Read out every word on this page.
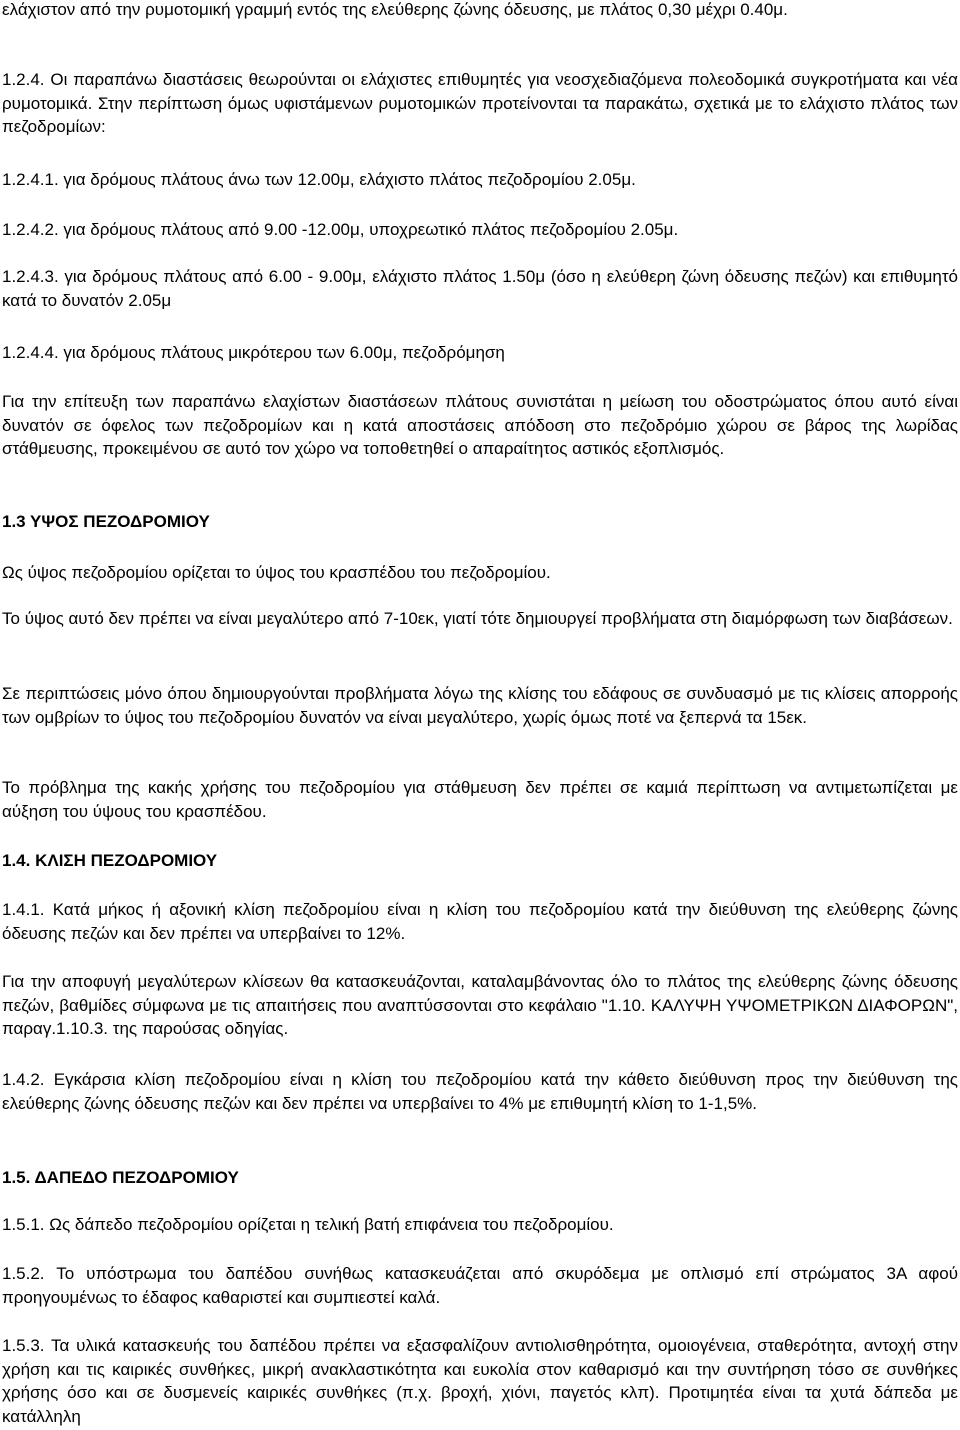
ελάχιστον από την ρυμοτομική γραμμή εντός της ελεύθερης ζώνης όδευσης, με πλάτος 0,30 μέχρι 0.40μ.

1.2.4. Οι παραπάνω διαστάσεις θεωρούνται οι ελάχιστες επιθυμητές για νεοσχεδιαζόμενα πολεοδομικά συγκροτήματα και νέα ρυμοτομικά. Στην περίπτωση όμως υφιστάμενων ρυμοτομικών προτείνονται τα παρακάτω, σχετικά με το ελάχιστο πλάτος των πεζοδρομίων:

1.2.4.1. για δρόμους πλάτους άνω των 12.00μ, ελάχιστο πλάτος πεζοδρομίου 2.05μ.

1.2.4.2. για δρόμους πλάτους από 9.00 -12.00μ, υποχρεωτικό πλάτος πεζοδρομίου 2.05μ.

1.2.4.3. για δρόμους πλάτους από 6.00 - 9.00μ, ελάχιστο πλάτος 1.50μ (όσο η ελεύθερη ζώνη όδευσης πεζών) και επιθυμητό κατά το δυνατόν 2.05μ

1.2.4.4. για δρόμους πλάτους μικρότερου των 6.00μ, πεζοδρόμηση

Για την επίτευξη των παραπάνω ελαχίστων διαστάσεων πλάτους συνιστάται η μείωση του οδοστρώματος όπου αυτό είναι δυνατόν σε όφελος των πεζοδρομίων και η κατά αποστάσεις απόδοση στο πεζοδρόμιο χώρου σε βάρος της λωρίδας στάθμευσης, προκειμένου σε αυτό τον χώρο να τοποθετηθεί ο απαραίτητος αστικός εξοπλισμός.

1.3 ΥΨΟΣ ΠΕΖΟΔΡΟΜΙΟΥ

Ως ύψος πεζοδρομίου ορίζεται το ύψος του κρασπέδου του πεζοδρομίου.

Το ύψος αυτό δεν πρέπει να είναι μεγαλύτερο από 7-10εκ, γιατί τότε δημιουργεί προβλήματα στη διαμόρφωση των διαβάσεων.

Σε περιπτώσεις μόνο όπου δημιουργούνται προβλήματα λόγω της κλίσης του εδάφους σε συνδυασμό με τις κλίσεις απορροής των ομβρίων το ύψος του πεζοδρομίου δυνατόν να είναι μεγαλύτερο, χωρίς όμως ποτέ να ξεπερνά τα 15εκ.

Το πρόβλημα της κακής χρήσης του πεζοδρομίου για στάθμευση δεν πρέπει σε καμιά περίπτωση να αντιμετωπίζεται με αύξηση του ύψους του κρασπέδου.

1.4. ΚΛΙΣΗ ΠΕΖΟΔΡΟΜΙΟΥ

1.4.1. Κατά μήκος ή αξονική κλίση πεζοδρομίου είναι η κλίση του πεζοδρομίου κατά την διεύθυνση της ελεύθερης ζώνης όδευσης πεζών και δεν πρέπει να υπερβαίνει το 12%.

Για την αποφυγή μεγαλύτερων κλίσεων θα κατασκευάζονται, καταλαμβάνοντας όλο το πλάτος της ελεύθερης ζώνης όδευσης πεζών, βαθμίδες σύμφωνα με τις απαιτήσεις που αναπτύσσονται στο κεφάλαιο "1.10. ΚΑΛΥΨΗ ΥΨΟΜΕΤΡΙΚΩΝ ΔΙΑΦΟΡΩΝ", παραγ.1.10.3. της παρούσας οδηγίας.

1.4.2. Εγκάρσια κλίση πεζοδρομίου είναι η κλίση του πεζοδρομίου κατά την κάθετο διεύθυνση προς την διεύθυνση της ελεύθερης ζώνης όδευσης πεζών και δεν πρέπει να υπερβαίνει το 4% με επιθυμητή κλίση το 1-1,5%.

1.5. ΔΑΠΕΔΟ ΠΕΖΟΔΡΟΜΙΟΥ

1.5.1. Ως δάπεδο πεζοδρομίου ορίζεται η τελική βατή επιφάνεια του πεζοδρομίου.

1.5.2. Το υπόστρωμα του δαπέδου συνήθως κατασκευάζεται από σκυρόδεμα με οπλισμό επί στρώματος 3Α αφού προηγουμένως το έδαφος καθαριστεί και συμπιεστεί καλά.

1.5.3. Τα υλικά κατασκευής του δαπέδου πρέπει να εξασφαλίζουν αντιολισθηρότητα, ομοιογένεια, σταθερότητα, αντοχή στην χρήση και τις καιρικές συνθήκες, μικρή ανακλαστικότητα και ευκολία στον καθαρισμό και την συντήρηση τόσο σε συνθήκες χρήσης όσο και σε δυσμενείς καιρικές συνθήκες (π.χ. βροχή, χιόνι, παγετός κλπ). Προτιμητέα είναι τα χυτά δάπεδα με κατάλληλη
